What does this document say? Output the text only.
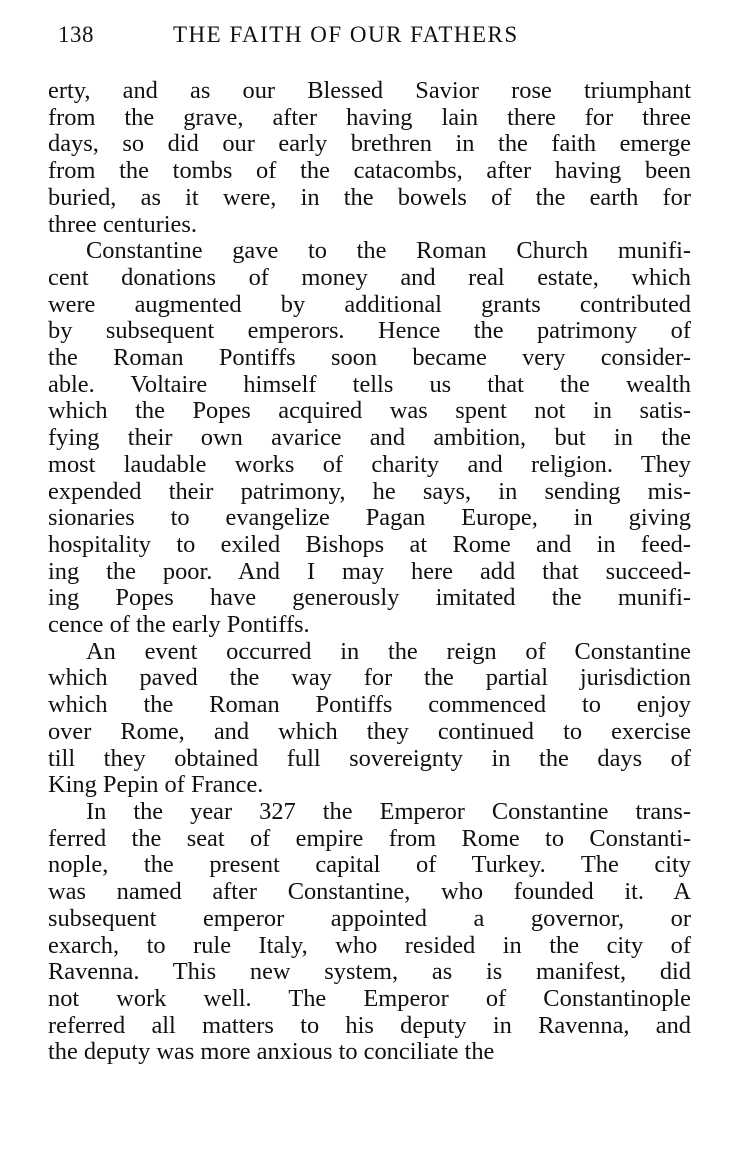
138	THE FAITH OF OUR FATHERS

erty, and as our Blessed Savior rose triumphant
from the grave, after having lain there for three
days, so did our early brethren in the faith emerge
from the tombs of the catacombs, after having been
buried, as it were, in the bowels of the earth for
three centuries.

Constantine gave to the Roman Church munifi-
cent donations of money and real estate, which
were augmented by additional grants contributed
by subsequent emperors. Hence the patrimony of
the Roman Pontiffs soon became very consider-
able. Voltaire himself tells us that the wealth
which the Popes acquired was spent not in satis-
fying their own avarice and ambition, but in the
most laudable works of charity and religion. They
expended their patrimony, he says, in sending mis-
sionaries to evangelize Pagan Europe, in giving
hospitality to exiled Bishops at Rome and in feed-
ing the poor. And I may here add that succeed-
ing Popes have generously imitated the munifi-
cence of the early Pontiffs.

An event occurred in the reign of Constantine
which paved the way for the partial jurisdiction
which the Roman Pontiffs commenced to enjoy
over Rome, and which they continued to exercise
till they obtained full sovereignty in the days of
King Pepin of France.

In the year 327 the Emperor Constantine trans-
ferred the seat of empire from Rome to Constanti-
nople, the present capital of Turkey. The city
was named after Constantine, who founded it. A
subsequent emperor appointed a governor, or
exarch, to rule Italy, who resided in the city of
Ravenna. This new system, as is manifest, did
not work well. The Emperor of Constantinople
referred all matters to his deputy in Ravenna, and
the deputy was more anxious to conciliate the
